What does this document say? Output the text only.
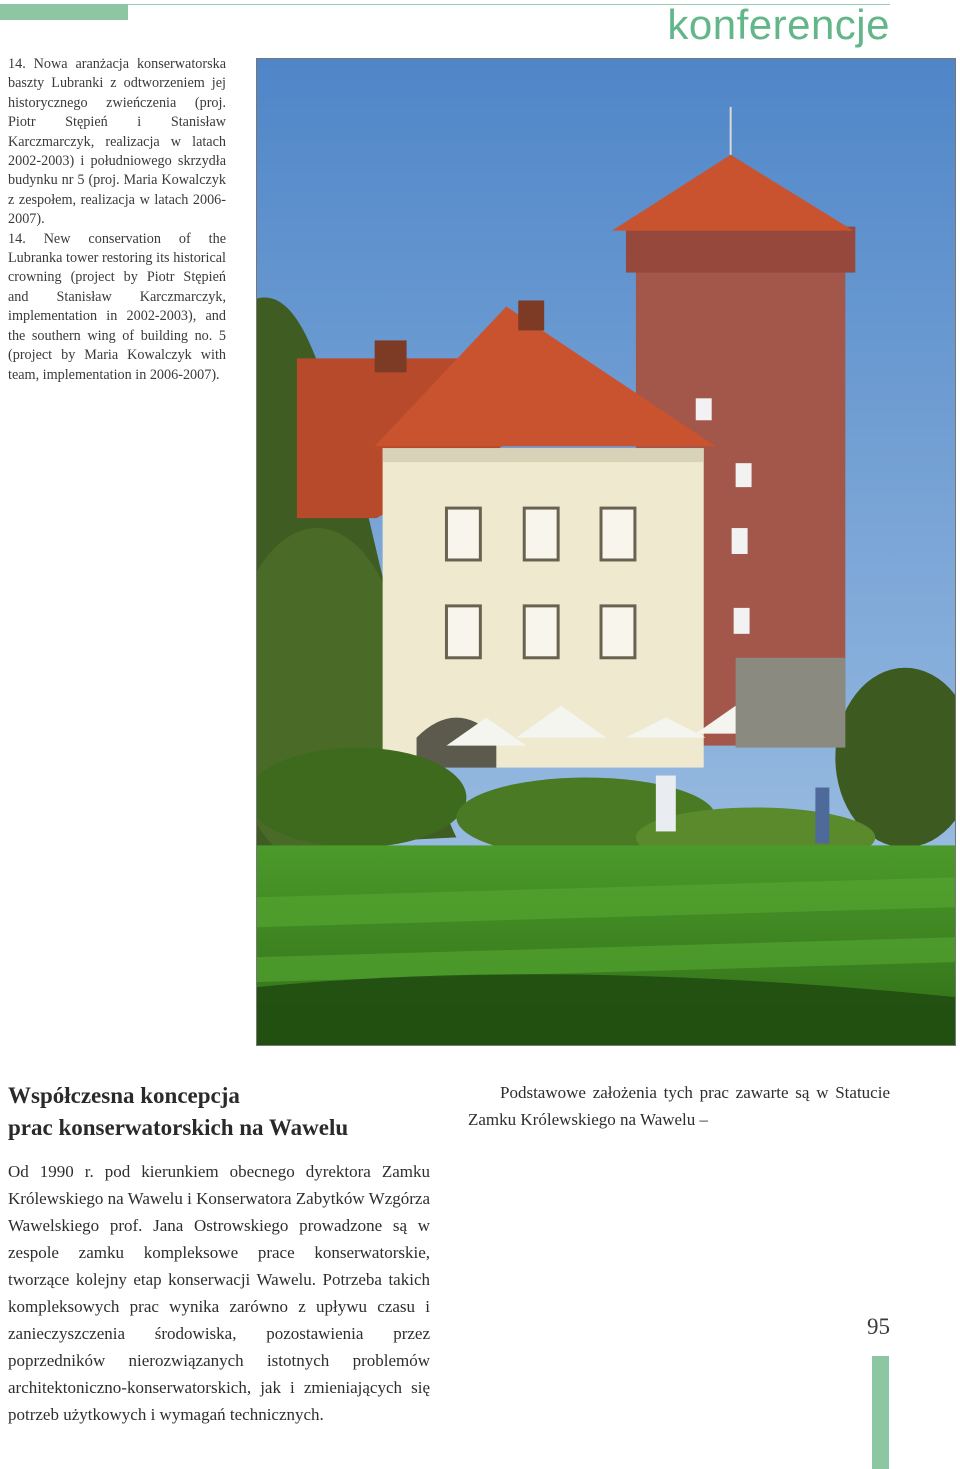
konferencje

14. Nowa aranżacja konserwatorska baszty Lubranki z odtworzeniem jej historycznego zwieńczenia (proj. Piotr Stępień i Stanisław Karczmarczyk, realizacja w latach 2002-2003) i południowego skrzydła budynku nr 5 (proj. Maria Kowalczyk z zespołem, realizacja w latach 2006-2007).

14. New conservation of the Lubranka tower restoring its historical crowning (project by Piotr Stępień and Stanisław Karczmarczyk, implementation in 2002-2003), and the southern wing of building no. 5 (project by Maria Kowalczyk with team, implementation in 2006-2007).

Współczesna koncepcja
prac konserwatorskich na Wawelu

Od 1990 r. pod kierunkiem obecnego dyrektora Zamku Królewskiego na Wawelu i Konserwatora Zabytków Wzgórza Wawelskiego prof. Jana Ostrowskiego prowadzone są w zespole zamku kompleksowe prace konserwatorskie, tworzące kolejny etap konserwacji Wawelu. Potrzeba takich kompleksowych prac wynika zarówno z upływu czasu i zanieczyszczenia środowiska, pozostawienia przez poprzedników nierozwiązanych istotnych problemów architektoniczno-konserwatorskich, jak i zmieniających się potrzeb użytkowych i wymagań technicznych.

Podstawowe założenia tych prac zawarte są w Statucie Zamku Królewskiego na Wawelu –

95
